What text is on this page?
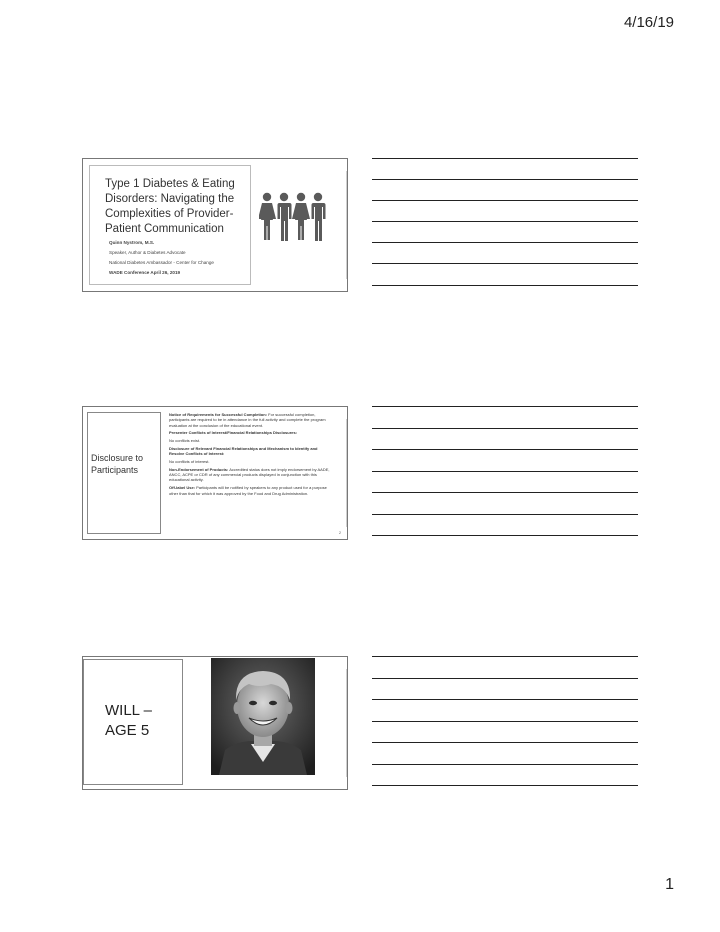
4/16/19
Type 1 Diabetes & Eating Disorders: Navigating the Complexities of Provider-Patient Communication
Quinn Nystrom, M.S.
Speaker, Author & Diabetes Advocate
National Diabetes Ambassador - Center for Change
WADE Conference April 26, 2019
Disclosure to Participants

Notice of Requirements for Successful Completion: For successful completion, participants are required to be in attendance in the full activity and complete the program evaluation at the conclusion of the educational event.

Presenter Conflicts of Interest/Financial Relationships Disclosures:

No conflicts exist.

Disclosure of Relevant Financial Relationships and Mechanism to Identify and Resolve Conflicts of Interest:

No conflicts of interest.

Non-Endorsement of Products: Accredited status does not imply endorsement by AADE, ANCC, ACPE or CDR of any commercial products displayed in conjunction with this educational activity.

Off-label Use: Participants will be notified by speakers to any product used for a purpose other than that for which it was approved by the Food and Drug Administration.

2
WILL – AGE 5
1
